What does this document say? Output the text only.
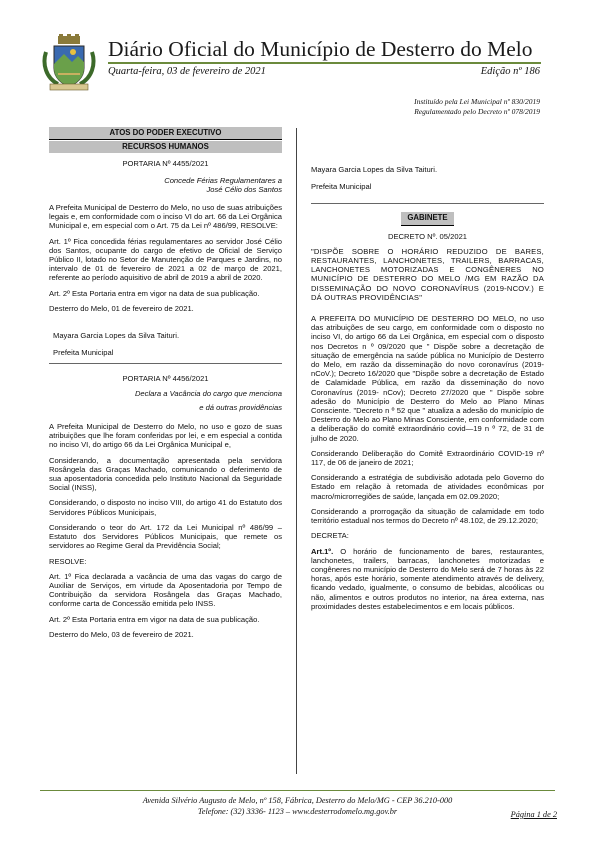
Diário Oficial do Município de Desterro do Melo
Quarta-feira, 03 de fevereiro de 2021	Edição nº 186
Instituído pela Lei Municipal nº 830/2019
Regulamentado pelo Decreto nº 078/2019
ATOS DO PODER EXECUTIVO
RECURSOS HUMANOS

PORTARIA Nº 4455/2021

Concede Férias Regulamentares a
José Célio dos Santos

A Prefeita Municipal de Desterro do Melo, no uso de suas atribuições legais e, em conformidade com o inciso VI do art. 66 da Lei Orgânica Municipal e, em especial com o Art. 75 da Lei nº 486/99, RESOLVE:

Art. 1º Fica concedida férias regulamentares ao servidor José Célio dos Santos, ocupante do cargo de efetivo de Oficial de Serviço Público II, lotado no Setor de Manutenção de Parques e Jardins, no intervalo de 01 de fevereiro de 2021 a 02 de março de 2021, referente ao período aquisitivo de abril de 2019 a abril de 2020.

Art. 2º Esta Portaria entra em vigor na data de sua publicação.

Desterro do Melo, 01 de fevereiro de 2021.

Mayara Garcia Lopes da Silva Taituri.

Prefeita Municipal

PORTARIA Nº 4456/2021

Declara a Vacância do cargo que menciona
e dá outras providências

A Prefeita Municipal de Desterro do Melo, no uso e gozo de suas atribuições que lhe foram conferidas por lei, e em especial a contida no inciso VI, do artigo 66 da Lei Orgânica Municipal e,

Considerando, a documentação apresentada pela servidora Rosângela das Graças Machado, comunicando o deferimento de sua aposentadoria concedida pelo Instituto Nacional da Seguridade Social (INSS),

Considerando, o disposto no inciso VIII, do artigo 41 do Estatuto dos Servidores Públicos Municipais,

Considerando o teor do Art. 172 da Lei Municipal nº 486/99 – Estatuto dos Servidores Públicos Municipais, que remete os servidores ao Regime Geral da Previdência Social;

RESOLVE:

Art. 1º Fica declarada a vacância de uma das vagas do cargo de Auxiliar de Serviços, em virtude da Aposentadoria por Tempo de Contribuição da servidora Rosângela das Graças Machado, conforme carta de Concessão emitida pelo INSS.

Art. 2º Esta Portaria entra em vigor na data de sua publicação.

Desterro do Melo, 03 de fevereiro de 2021.

Mayara Garcia Lopes da Silva Taituri.

Prefeita Municipal

GABINETE

DECRETO Nº. 05/2021

"DISPÕE SOBRE O HORÁRIO REDUZIDO DE BARES, RESTAURANTES, LANCHONETES, TRAILERS, BARRACAS, LANCHONETES MOTORIZADAS E CONGÊNERES NO MUNICÍPIO DE DESTERRO DO MELO /MG EM RAZÃO DA DISSEMINAÇÃO DO NOVO CORONAVÍRUS (2019-NCOV.) E DÁ OUTRAS PROVIDÊNCIAS"

A PREFEITA DO MUNICÍPIO DE DESTERRO DO MELO, no uso das atribuições de seu cargo, em conformidade com o disposto no inciso VI, do artigo 66 da Lei Orgânica, em especial com o disposto nos Decretos n º 09/2020 que " Dispõe sobre a decretação de situação de emergência na saúde pública no Município de Desterro do Melo, em razão da disseminação do novo coronavírus (2019-nCoV.); Decreto 16/2020 que "Dispõe sobre a decretação de Estado de Calamidade Pública, em razão da disseminação do novo Coronavírus (2019- nCov); Decreto 27/2020 que " Dispõe sobre adesão do Município de Desterro do Melo ao Plano Minas Consciente. "Decreto n º 52 que " atualiza a adesão do município de Desterro do Melo ao Plano Minas Consciente, em conformidade com a deliberação do comitê extraordinário covid—19 n º 72, de 31 de julho de 2020.

Considerando Deliberação do Comitê Extraordinário COVID-19 nº 117, de 06 de janeiro de 2021;

Considerando a estratégia de subdivisão adotada pelo Governo do Estado em relação à retomada de atividades econômicas por macro/microrregiões de saúde, lançada em 02.09.2020;

Considerando a prorrogação da situação de calamidade em todo território estadual nos termos do Decreto nº 48.102, de 29.12.2020;

DECRETA:

Art.1º. O horário de funcionamento de bares, restaurantes, lanchonetes, trailers, barracas, lanchonetes motorizadas e congêneres no município de Desterro do Melo será de 7 horas às 22 horas, após este horário, somente atendimento através de delivery, ficando vedado, igualmente, o consumo de bebidas, alcoólicas ou não, alimentos e outros produtos no interior, na área externa, nas proximidades destes estabelecimentos e em locais públicos.

Avenida Silvério Augusto de Melo, nº 158, Fábrica, Desterro do Melo/MG - CEP 36.210-000
Telefone: (32) 3336- 1123 – www.desterrodomelo.mg.gov.br	Página 1 de 2
